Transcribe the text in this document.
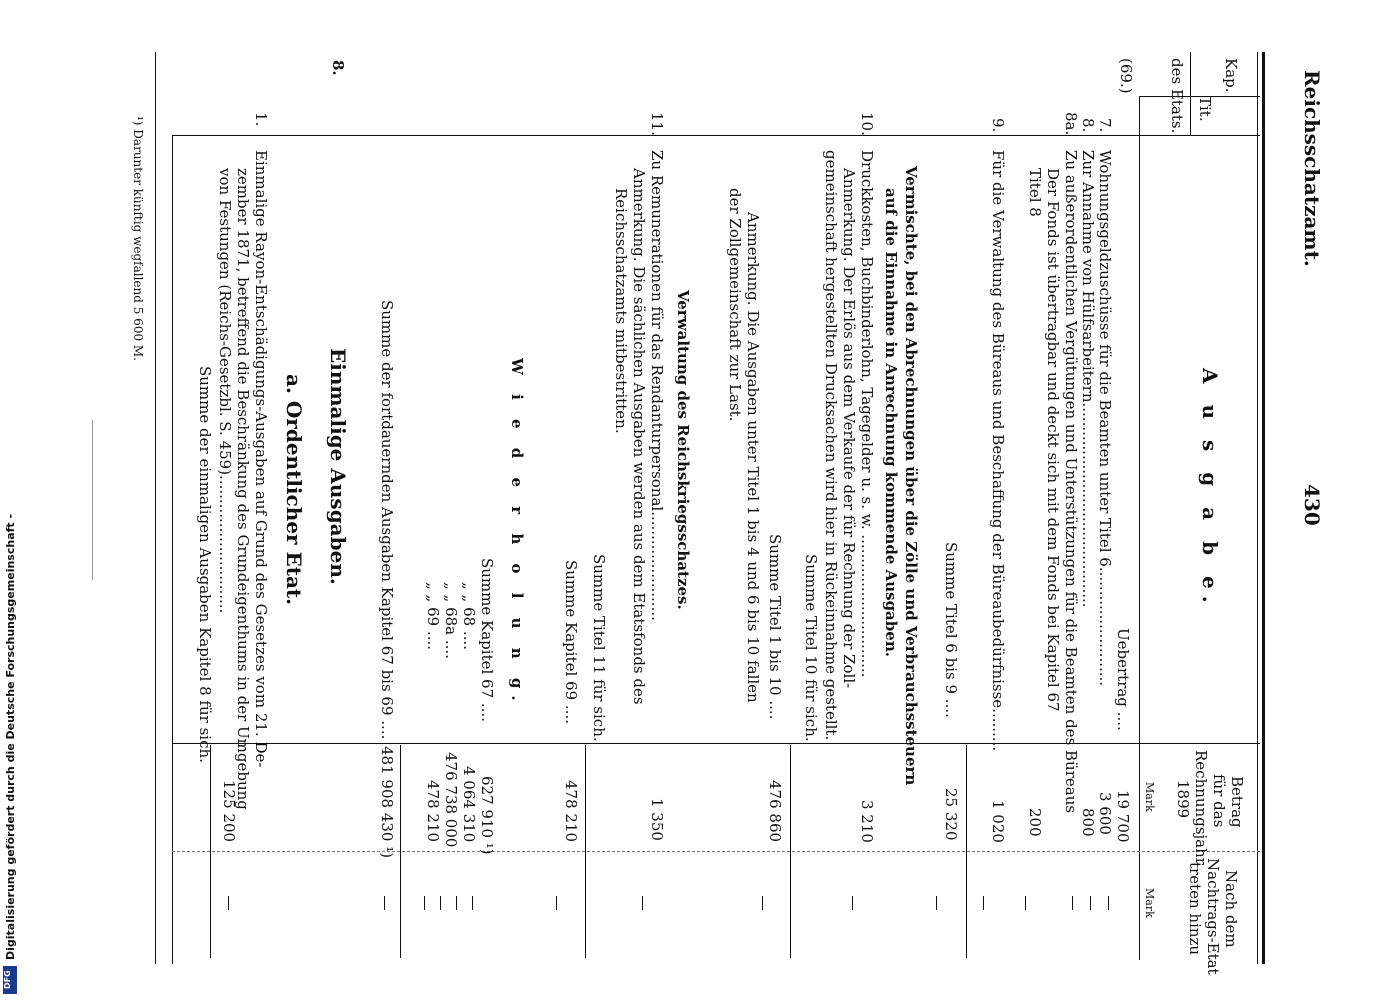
Reichsschatzamt.
430
A u s g a b e.
Kap.
Tit.
des Etats.
Betrag
für das
Rechnungsjahr
1899
Nach dem
Nachtrags-Etat
treten hinzu
Mark
Mark
(69.)
Uebertrag ....
19 700
7.
Wohnungsgeldzuschüsse für die Beamten unter Titel 6.........................
3 600
8.
Zur Annahme von Hülfsarbeitern...........................................
800
8a.
Zu außerordentlichen Vergütungen und Unterstützungen für die Beamten des Büreaus
Der Fonds ist übertragbar und deckt sich mit dem Fonds bei Kapitel 67
Titel 8
200
9.
Für die Verwaltung des Büreaus und Beschaffung der Büreaubedürfnisse.........
1 020
Summe Titel 6 bis 9 ....
25 320
Vermischte, bei den Abrechnungen über die Zölle und Verbrauchssteuern
auf die Einnahme in Anrechnung kommende Ausgaben.
10.
Druckkosten, Buchbinderlohn, Tagegelder u. s. w. ..............................
Anmerkung. Der Erlös aus dem Verkaufe der für Rechnung der Zoll-
gemeinschaft hergestellten Drucksachen wird hier in Rückeinnahme gestellt.
3 210
Summe Titel 10 für sich.
Summe Titel 1 bis 10 ....
476 860
Anmerkung. Die Ausgaben unter Titel 1 bis 4 und 6 bis 10 fallen
der Zollgemeinschaft zur Last.
Verwaltung des Reichskriegsschatzes.
11.
Zu Remunerationen für das Rendanturpersonal.......................
Anmerkung. Die sächlichen Ausgaben werden aus dem Etatsfonds des
Reichsschatzamts mitbestritten.
1 350
Summe Titel 11 für sich.
Summe Kapitel 69 ....
478 210
W i e d e r h o l u n g.
Summe Kapitel 67 ....
627 910 ¹)
„ „ 68 ....
4 064 310
„ „ 68a ....
476 738 000
„ „ 69 ....
478 210
Summe der fortdauernden Ausgaben Kapitel 67 bis 69 ....
481 908 430 ¹)
Einmalige Ausgaben.
8.
a. Ordentlicher Etat.
1.
Einmalige Rayon-Entschädigungs-Ausgaben auf Grund des Gesetzes vom 21. De-
zember 1871, betreffend die Beschränkung des Grundeigenthums in der Umgebung
von Festungen (Reichs-Gesetzbl. S. 459).............................
125 200
Summe der einmaligen Ausgaben Kapitel 8 für sich.
¹) Darunter künftig wegfallend 5 600 M.
Digitalisierung gefördert durch die Deutsche Forschungsgemeinschaft -
DFG
